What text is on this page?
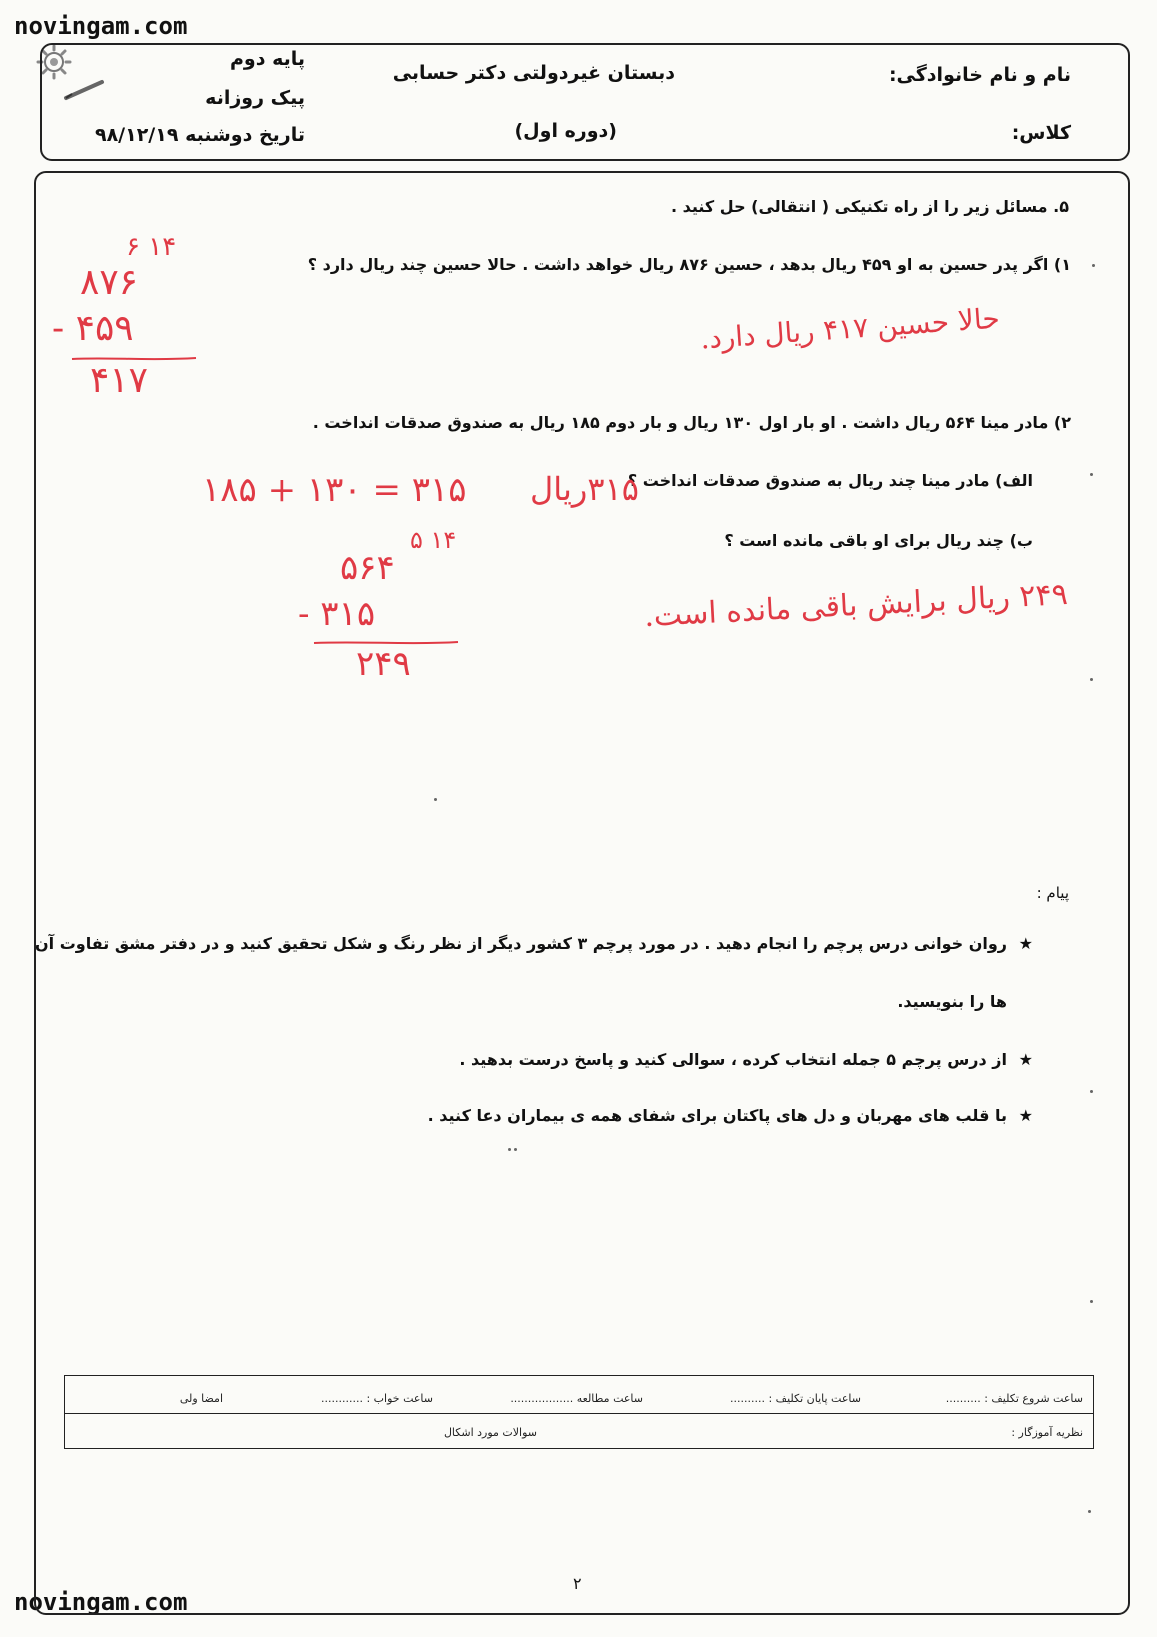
novingam.com
novingam.com
نام و نام خانوادگی:
کلاس:
دبستان غیردولتی دکتر حسابی
(دوره اول)
پایه دوم
پیک روزانه
تاریخ دوشنبه ۹۸/۱۲/۱۹
۵. مسائل زیر را از راه تکنیکی ( انتقالی) حل کنید .
۱) اگر پدر حسین به او ۴۵۹ ریال بدهد ، حسین ۸۷۶ ریال خواهد داشت . حالا حسین چند ریال دارد ؟
۲) مادر مینا ۵۶۴ ریال داشت . او بار اول ۱۳۰ ریال و بار دوم ۱۸۵ ریال به صندوق صدقات انداخت .
الف) مادر مینا چند ریال به صندوق صدقات انداخت ؟
ب) چند ریال برای او باقی مانده است ؟
۶ ۱۴
۸۷۶
- ۴۵۹
۴۱۷
حالا حسین ۴۱۷ ریال دارد.
۱۸۵ + ۱۳۰ = ۳۱۵ ۳۱۵ریال
۵ ۱۴
۵۶۴
- ۳۱۵
۲۴۹
۲۴۹ ریال برایش باقی مانده است.
پیام :
★
روان خوانی درس پرچم را انجام دهید . در مورد پرچم ۳ کشور دیگر از نظر رنگ و شکل تحقیق کنید و در دفتر مشق تفاوت آن
ها را بنویسید.
★
از درس پرچم ۵ جمله انتخاب کرده ، سوالی کنید و پاسخ درست بدهید .
★
با قلب های مهربان و دل های پاکتان برای شفای همه ی بیماران دعا کنید .
ساعت شروع تکلیف : ..........
ساعت پایان تکلیف : ..........
ساعت مطالعه ..................
ساعت خواب : ............
امضا ولی
نظریه آموزگار :
سوالات مورد اشکال
۲
